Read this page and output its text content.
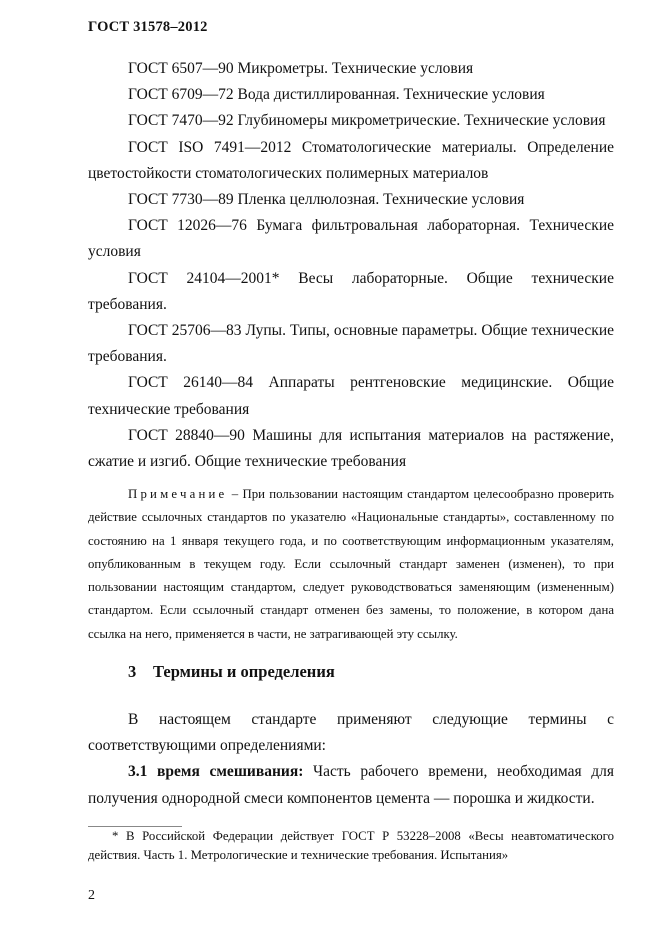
ГОСТ 31578–2012

ГОСТ 6507—90 Микрометры. Технические условия

ГОСТ 6709—72 Вода дистиллированная. Технические условия

ГОСТ 7470—92 Глубиномеры микрометрические. Технические условия

ГОСТ ISO 7491—2012 Стоматологические материалы. Определение цветостойкости стоматологических полимерных материалов

ГОСТ 7730—89 Пленка целлюлозная. Технические условия

ГОСТ 12026—76 Бумага фильтровальная лабораторная. Технические условия

ГОСТ 24104—2001* Весы лабораторные. Общие технические требования.

ГОСТ 25706—83 Лупы. Типы, основные параметры. Общие технические требования.

ГОСТ 26140—84 Аппараты рентгеновские медицинские. Общие технические требования

ГОСТ 28840—90 Машины для испытания материалов на растяжение, сжатие и изгиб. Общие технические требования

Примечание – При пользовании настоящим стандартом целесообразно проверить действие ссылочных стандартов по указателю «Национальные стандарты», составленному по состоянию на 1 января текущего года, и по соответствующим информационным указателям, опубликованным в текущем году. Если ссылочный стандарт заменен (изменен), то при пользовании настоящим стандартом, следует руководствоваться заменяющим (измененным) стандартом. Если ссылочный стандарт отменен без замены, то положение, в котором дана ссылка на него, применяется в части, не затрагивающей эту ссылку.

3 Термины и определения

В настоящем стандарте применяют следующие термины с соответствующими определениями:

3.1 время смешивания: Часть рабочего времени, необходимая для получения однородной смеси компонентов цемента — порошка и жидкости.

* В Российской Федерации действует ГОСТ Р 53228–2008 «Весы неавтоматического действия. Часть 1. Метрологические и технические требования. Испытания»

2
